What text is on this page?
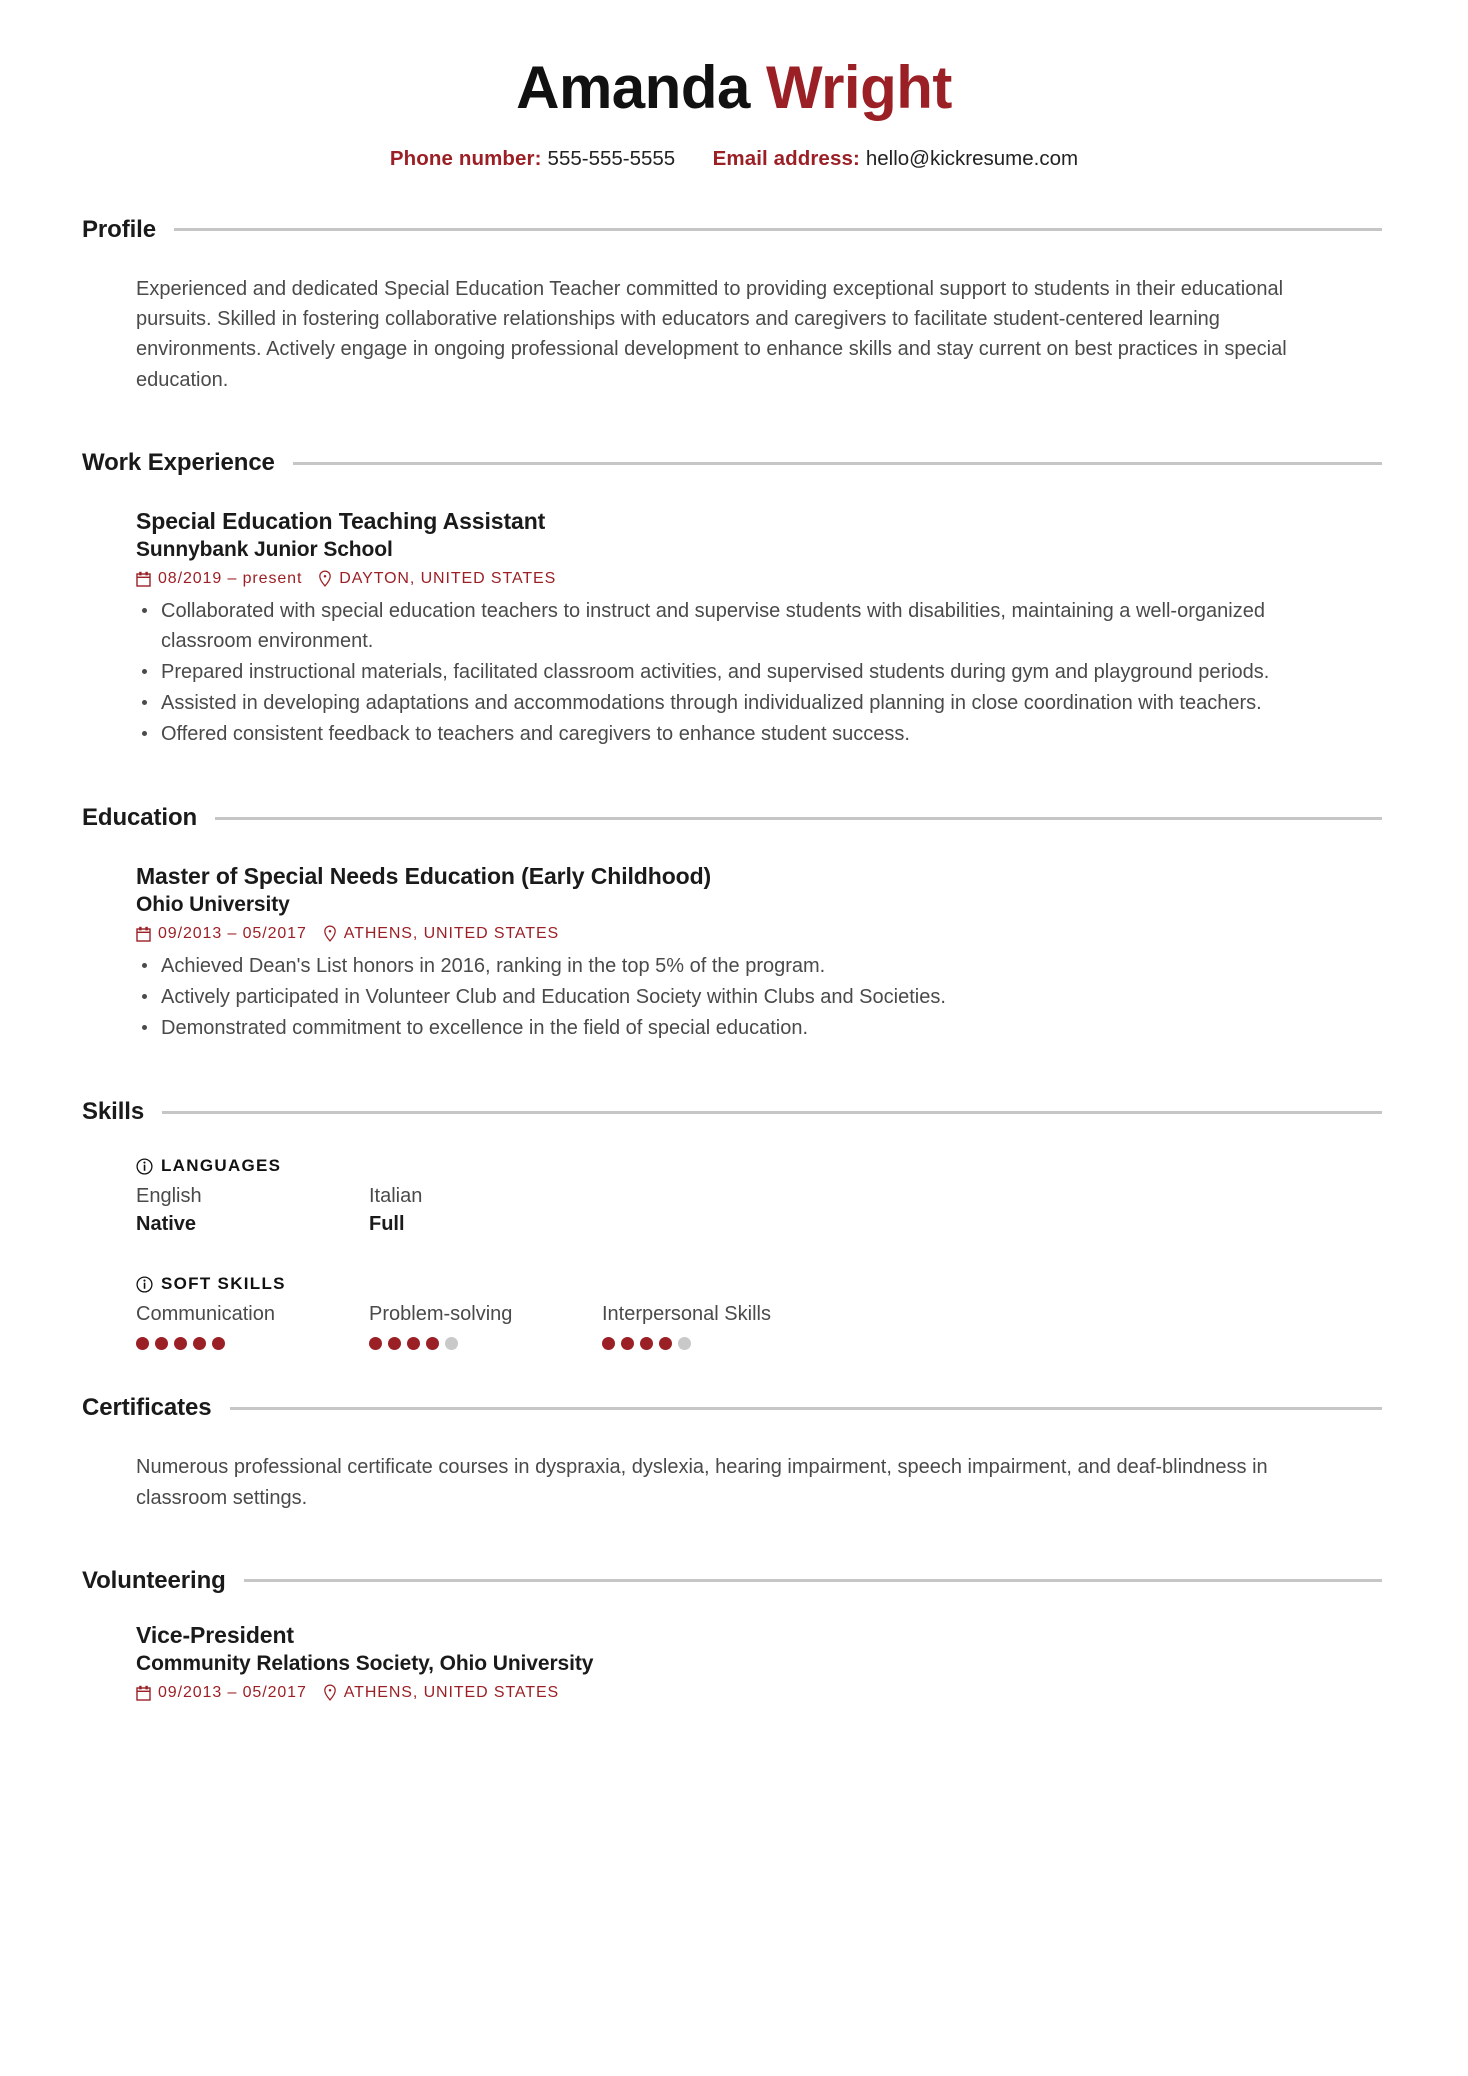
Amanda Wright
Phone number: 555-555-5555 Email address: hello@kickresume.com
Profile

Experienced and dedicated Special Education Teacher committed to providing exceptional support to students in their educational pursuits. Skilled in fostering collaborative relationships with educators and caregivers to facilitate student-centered learning environments. Actively engage in ongoing professional development to enhance skills and stay current on best practices in special education.

Work Experience
Special Education Teaching Assistant
Sunnybank Junior School
08/2019 – present DAYTON, UNITED STATES
Collaborated with special education teachers to instruct and supervise students with disabilities, maintaining a well-organized classroom environment.
Prepared instructional materials, facilitated classroom activities, and supervised students during gym and playground periods.
Assisted in developing adaptations and accommodations through individualized planning in close coordination with teachers.
Offered consistent feedback to teachers and caregivers to enhance student success.
Education
Master of Special Needs Education (Early Childhood)
Ohio University
09/2013 – 05/2017 ATHENS, UNITED STATES
Achieved Dean's List honors in 2016, ranking in the top 5% of the program.
Actively participated in Volunteer Club and Education Society within Clubs and Societies.
Demonstrated commitment to excellence in the field of special education.
Skills
LANGUAGES
English
Native
Italian
Full
SOFT SKILLS
Communication	Problem-solving	Interpersonal Skills
Certificates

Numerous professional certificate courses in dyspraxia, dyslexia, hearing impairment, speech impairment, and deaf-blindness in classroom settings.

Volunteering
Vice-President
Community Relations Society, Ohio University
09/2013 – 05/2017 ATHENS, UNITED STATES
